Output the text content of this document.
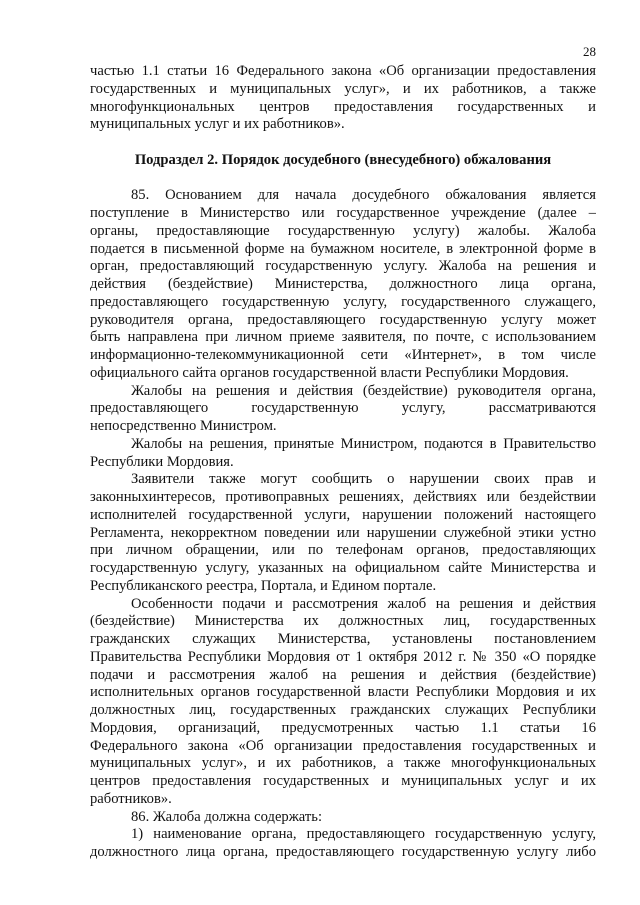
28
частью 1.1 статьи 16 Федерального закона «Об организации предоставления
государственных и муниципальных услуг», и их работников, а также
многофункциональных центров предоставления государственных и
муниципальных услуг и их работников».
Подраздел 2. Порядок досудебного (внесудебного) обжалования
85. Основанием для начала досудебного обжалования является
поступление в Министерство или государственное учреждение (далее –
органы, предоставляющие государственную услугу) жалобы. Жалоба
подается в письменной форме на бумажном носителе, в электронной форме в
орган, предоставляющий государственную услугу. Жалоба на решения и
действия (бездействие) Министерства, должностного лица органа,
предоставляющего государственную услугу, государственного служащего,
руководителя органа, предоставляющего государственную услугу может
быть направлена при личном приеме заявителя, по почте, с использованием
информационно-телекоммуникационной сети «Интернет», в том числе
официального сайта органов государственной власти Республики Мордовия.
Жалобы на решения и действия (бездействие) руководителя органа,
предоставляющего государственную услугу, рассматриваются
непосредственно Министром.
Жалобы на решения, принятые Министром, подаются в Правительство
Республики Мордовия.
Заявители также могут сообщить о нарушении своих прав и
законныхинтересов, противоправных решениях, действиях или бездействии
исполнителей государственной услуги, нарушении положений настоящего
Регламента, некорректном поведении или нарушении служебной этики устно
при личном обращении, или по телефонам органов, предоставляющих
государственную услугу, указанных на официальном сайте Министерства и
Республиканского реестра, Портала, и Едином портале.
Особенности подачи и рассмотрения жалоб на решения и действия
(бездействие) Министерства их должностных лиц, государственных
гражданских служащих Министерства, установлены постановлением
Правительства Республики Мордовия от 1 октября 2012 г. № 350 «О порядке
подачи и рассмотрения жалоб на решения и действия (бездействие)
исполнительных органов государственной власти Республики Мордовия и их
должностных лиц, государственных гражданских служащих Республики
Мордовия, организаций, предусмотренных частью 1.1 статьи 16
Федерального закона «Об организации предоставления государственных и
муниципальных услуг», и их работников, а также многофункциональных
центров предоставления государственных и муниципальных услуг и их
работников».
86. Жалоба должна содержать:
1) наименование органа, предоставляющего государственную услугу,
должностного лица органа, предоставляющего государственную услугу либо
